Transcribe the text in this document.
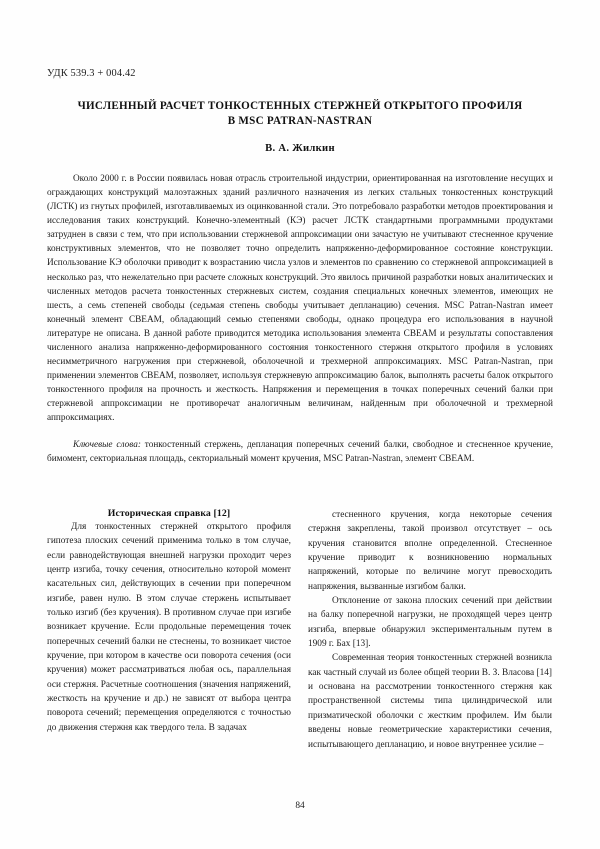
УДК 539.3 + 004.42
ЧИСЛЕННЫЙ РАСЧЕТ ТОНКОСТЕННЫХ СТЕРЖНЕЙ ОТКРЫТОГО ПРОФИЛЯ
В MSC PATRAN-NASTRAN
В. А. Жилкин
Около 2000 г. в России появилась новая отрасль строительной индустрии, ориентированная на изготовление несущих и ограждающих конструкций малоэтажных зданий различного назначения из легких стальных тонкостенных конструкций (ЛСТК) из гнутых профилей, изготавливаемых из оцинкованной стали. Это потребовало разработки методов проектирования и исследования таких конструкций. Конечно-элементный (КЭ) расчет ЛСТК стандартными программными продуктами затруднен в связи с тем, что при использовании стержневой аппроксимации они зачастую не учитывают стесненное кручение конструктивных элементов, что не позволяет точно определить напряженно-деформированное состояние конструкции. Использование КЭ оболочки приводит к возрастанию числа узлов и элементов по сравнению со стержневой аппроксимацией в несколько раз, что нежелательно при расчете сложных конструкций. Это явилось причиной разработки новых аналитических и численных методов расчета тонкостенных стержневых систем, создания специальных конечных элементов, имеющих не шесть, а семь степеней свободы (седьмая степень свободы учитывает депланацию) сечения. MSC Patran-Nastran имеет конечный элемент CBEAM, обладающий семью степенями свободы, однако процедура его использования в научной литературе не описана. В данной работе приводится методика использования элемента CBEAM и результаты сопоставления численного анализа напряженно-деформированного состояния тонкостенного стержня открытого профиля в условиях несимметричного нагружения при стержневой, оболочечной и трехмерной аппроксимациях. MSC Patran-Nastran, при применении элементов CBEAM, позволяет, используя стержневую аппроксимацию балок, выполнять расчеты балок открытого тонкостенного профиля на прочность и жесткость. Напряжения и перемещения в точках поперечных сечений балки при стержневой аппроксимации не противоречат аналогичным величинам, найденным при оболочечной и трехмерной аппроксимациях.
Ключевые слова: тонкостенный стержень, депланация поперечных сечений балки, свободное и стесненное кручение, бимомент, секториальная площадь, секториальный момент кручения, MSC Patran-Nastran, элемент CBEAM.
Историческая справка [12]

Для тонкостенных стержней открытого профиля гипотеза плоских сечений применима только в том случае, если равнодействующая внешней нагрузки проходит через центр изгиба, точку сечения, относительно которой момент касательных сил, действующих в сечении при поперечном изгибе, равен нулю. В этом случае стержень испытывает только изгиб (без кручения). В противном случае при изгибе возникает кручение. Если продольные перемещения точек поперечных сечений балки не стеснены, то возникает чистое кручение, при котором в качестве оси поворота сечения (оси кручения) может рассматриваться любая ось, параллельная оси стержня. Расчетные соотношения (значения напряжений, жесткость на кручение и др.) не зависят от выбора центра поворота сечений; перемещения определяются с точностью до движения стержня как твердого тела. В задачах

стесненного кручения, когда некоторые сечения стержня закреплены, такой произвол отсутствует – ось кручения становится вполне определенной. Стесненное кручение приводит к возникновению нормальных напряжений, которые по величине могут превосходить напряжения, вызванные изгибом балки.

Отклонение от закона плоских сечений при действии на балку поперечной нагрузки, не проходящей через центр изгиба, впервые обнаружил экспериментальным путем в 1909 г. Бах [13].

Современная теория тонкостенных стержней возникла как частный случай из более общей теории В. З. Власова [14] и основана на рассмотрении тонкостенного стержня как пространственной системы типа цилиндрической или призматической оболочки с жестким профилем. Им были введены новые геометрические характеристики сечения, испытывающего депланацию, и новое внутреннее усилие –

84
